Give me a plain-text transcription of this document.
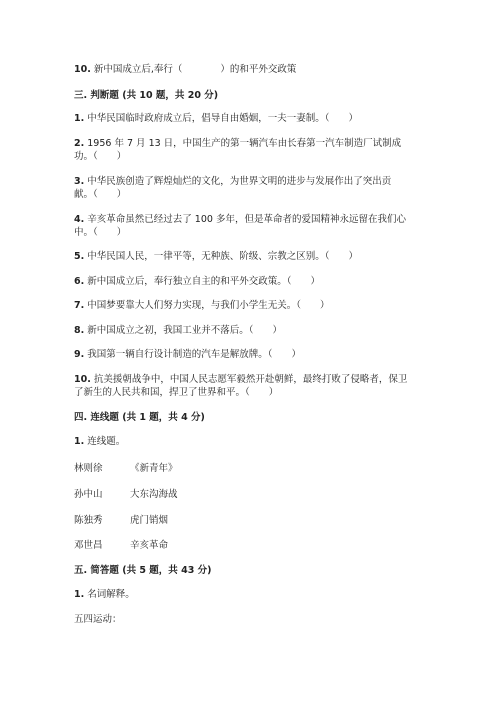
10. 新中国成立后,奉行（　　　　）的和平外交政策
三. 判断题 (共 10 题，共 20 分)
1. 中华民国临时政府成立后，倡导自由婚姻，一夫一妻制。（　　）
2. 1956 年 7 月 13 日，中国生产的第一辆汽车由长春第一汽车制造厂试制成
功。（　　）
3. 中华民族创造了辉煌灿烂的文化，为世界文明的进步与发展作出了突出贡
献。（　　）
4. 辛亥革命虽然已经过去了 100 多年，但是革命者的爱国精神永远留在我们心
中。（　　）
5. 中华民国人民，一律平等，无种族、阶级、宗教之区别。（　　）
6. 新中国成立后，奉行独立自主的和平外交政策。（　　）
7. 中国梦要靠大人们努力实现，与我们小学生无关。（　　）
8. 新中国成立之初，我国工业并不落后。（　　）
9. 我国第一辆自行设计制造的汽车是解放牌。（　　）
10. 抗美援朝战争中，中国人民志愿军毅然开赴朝鲜，最终打败了侵略者，保卫
了新生的人民共和国，捍卫了世界和平。（　　）
四. 连线题 (共 1 题，共 4 分)
1. 连线题。
林则徐	《新青年》
孙中山	大东沟海战
陈独秀	虎门销烟
邓世昌	辛亥革命
五. 简答题 (共 5 题，共 43 分)
1. 名词解释。
五四运动：
